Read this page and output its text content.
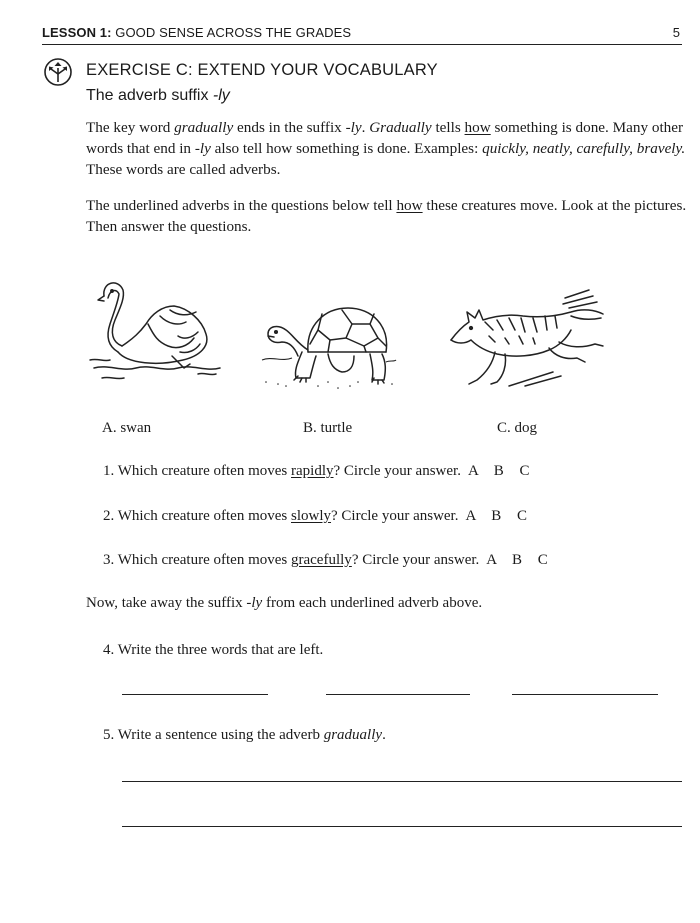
LESSON 1: GOOD SENSE ACROSS THE GRADES	5
EXERCISE C: EXTEND YOUR VOCABULARY
The adverb suffix -ly
The key word gradually ends in the suffix -ly. Gradually tells how something is done. Many other words that end in -ly also tell how something is done. Examples: quickly, neatly, carefully, bravely. These words are called adverbs.
The underlined adverbs in the questions below tell how these creatures move. Look at the pictures. Then answer the questions.
A. swan	B. turtle	C. dog
1. Which creature often moves rapidly? Circle your answer. A B C
2. Which creature often moves slowly? Circle your answer. A B C
3. Which creature often moves gracefully? Circle your answer. A B C
Now, take away the suffix -ly from each underlined adverb above.
4. Write the three words that are left.
5. Write a sentence using the adverb gradually.
